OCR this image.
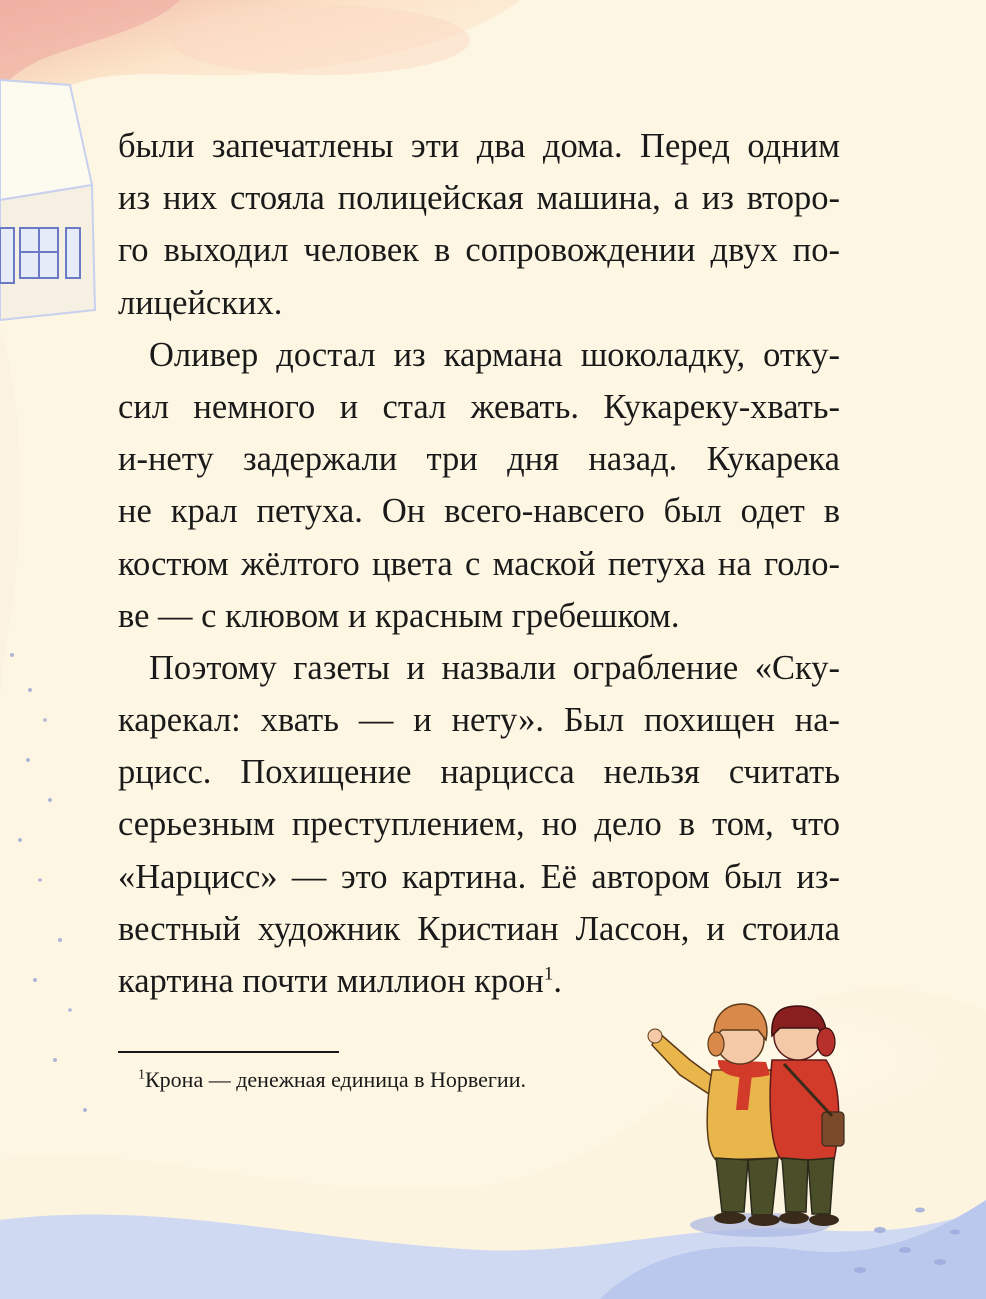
были запечатлены эти два дома. Перед одним
из них стояла полицейская машина, а из второ-
го выходил человек в сопровождении двух по-
лицейских.
Оливер достал из кармана шоколадку, отку-
сил немного и стал жевать. Кукареку-хвать-
и-нету задержали три дня назад. Кукарека
не крал петуха. Он всего-навсего был одет в
костюм жёлтого цвета с маской петуха на голо-
ве — с клювом и красным гребешком.
Поэтому газеты и назвали ограбление «Ску-
карекал: хвать — и нету». Был похищен на-
рцисс. Похищение нарцисса нельзя считать
серьезным преступлением, но дело в том, что
«Нарцисс» — это картина. Её автором был из-
вестный художник Кристиан Лассон, и стоила
картина почти миллион крон$^1$.
$^1$Крона — денежная единица в Норвегии.
